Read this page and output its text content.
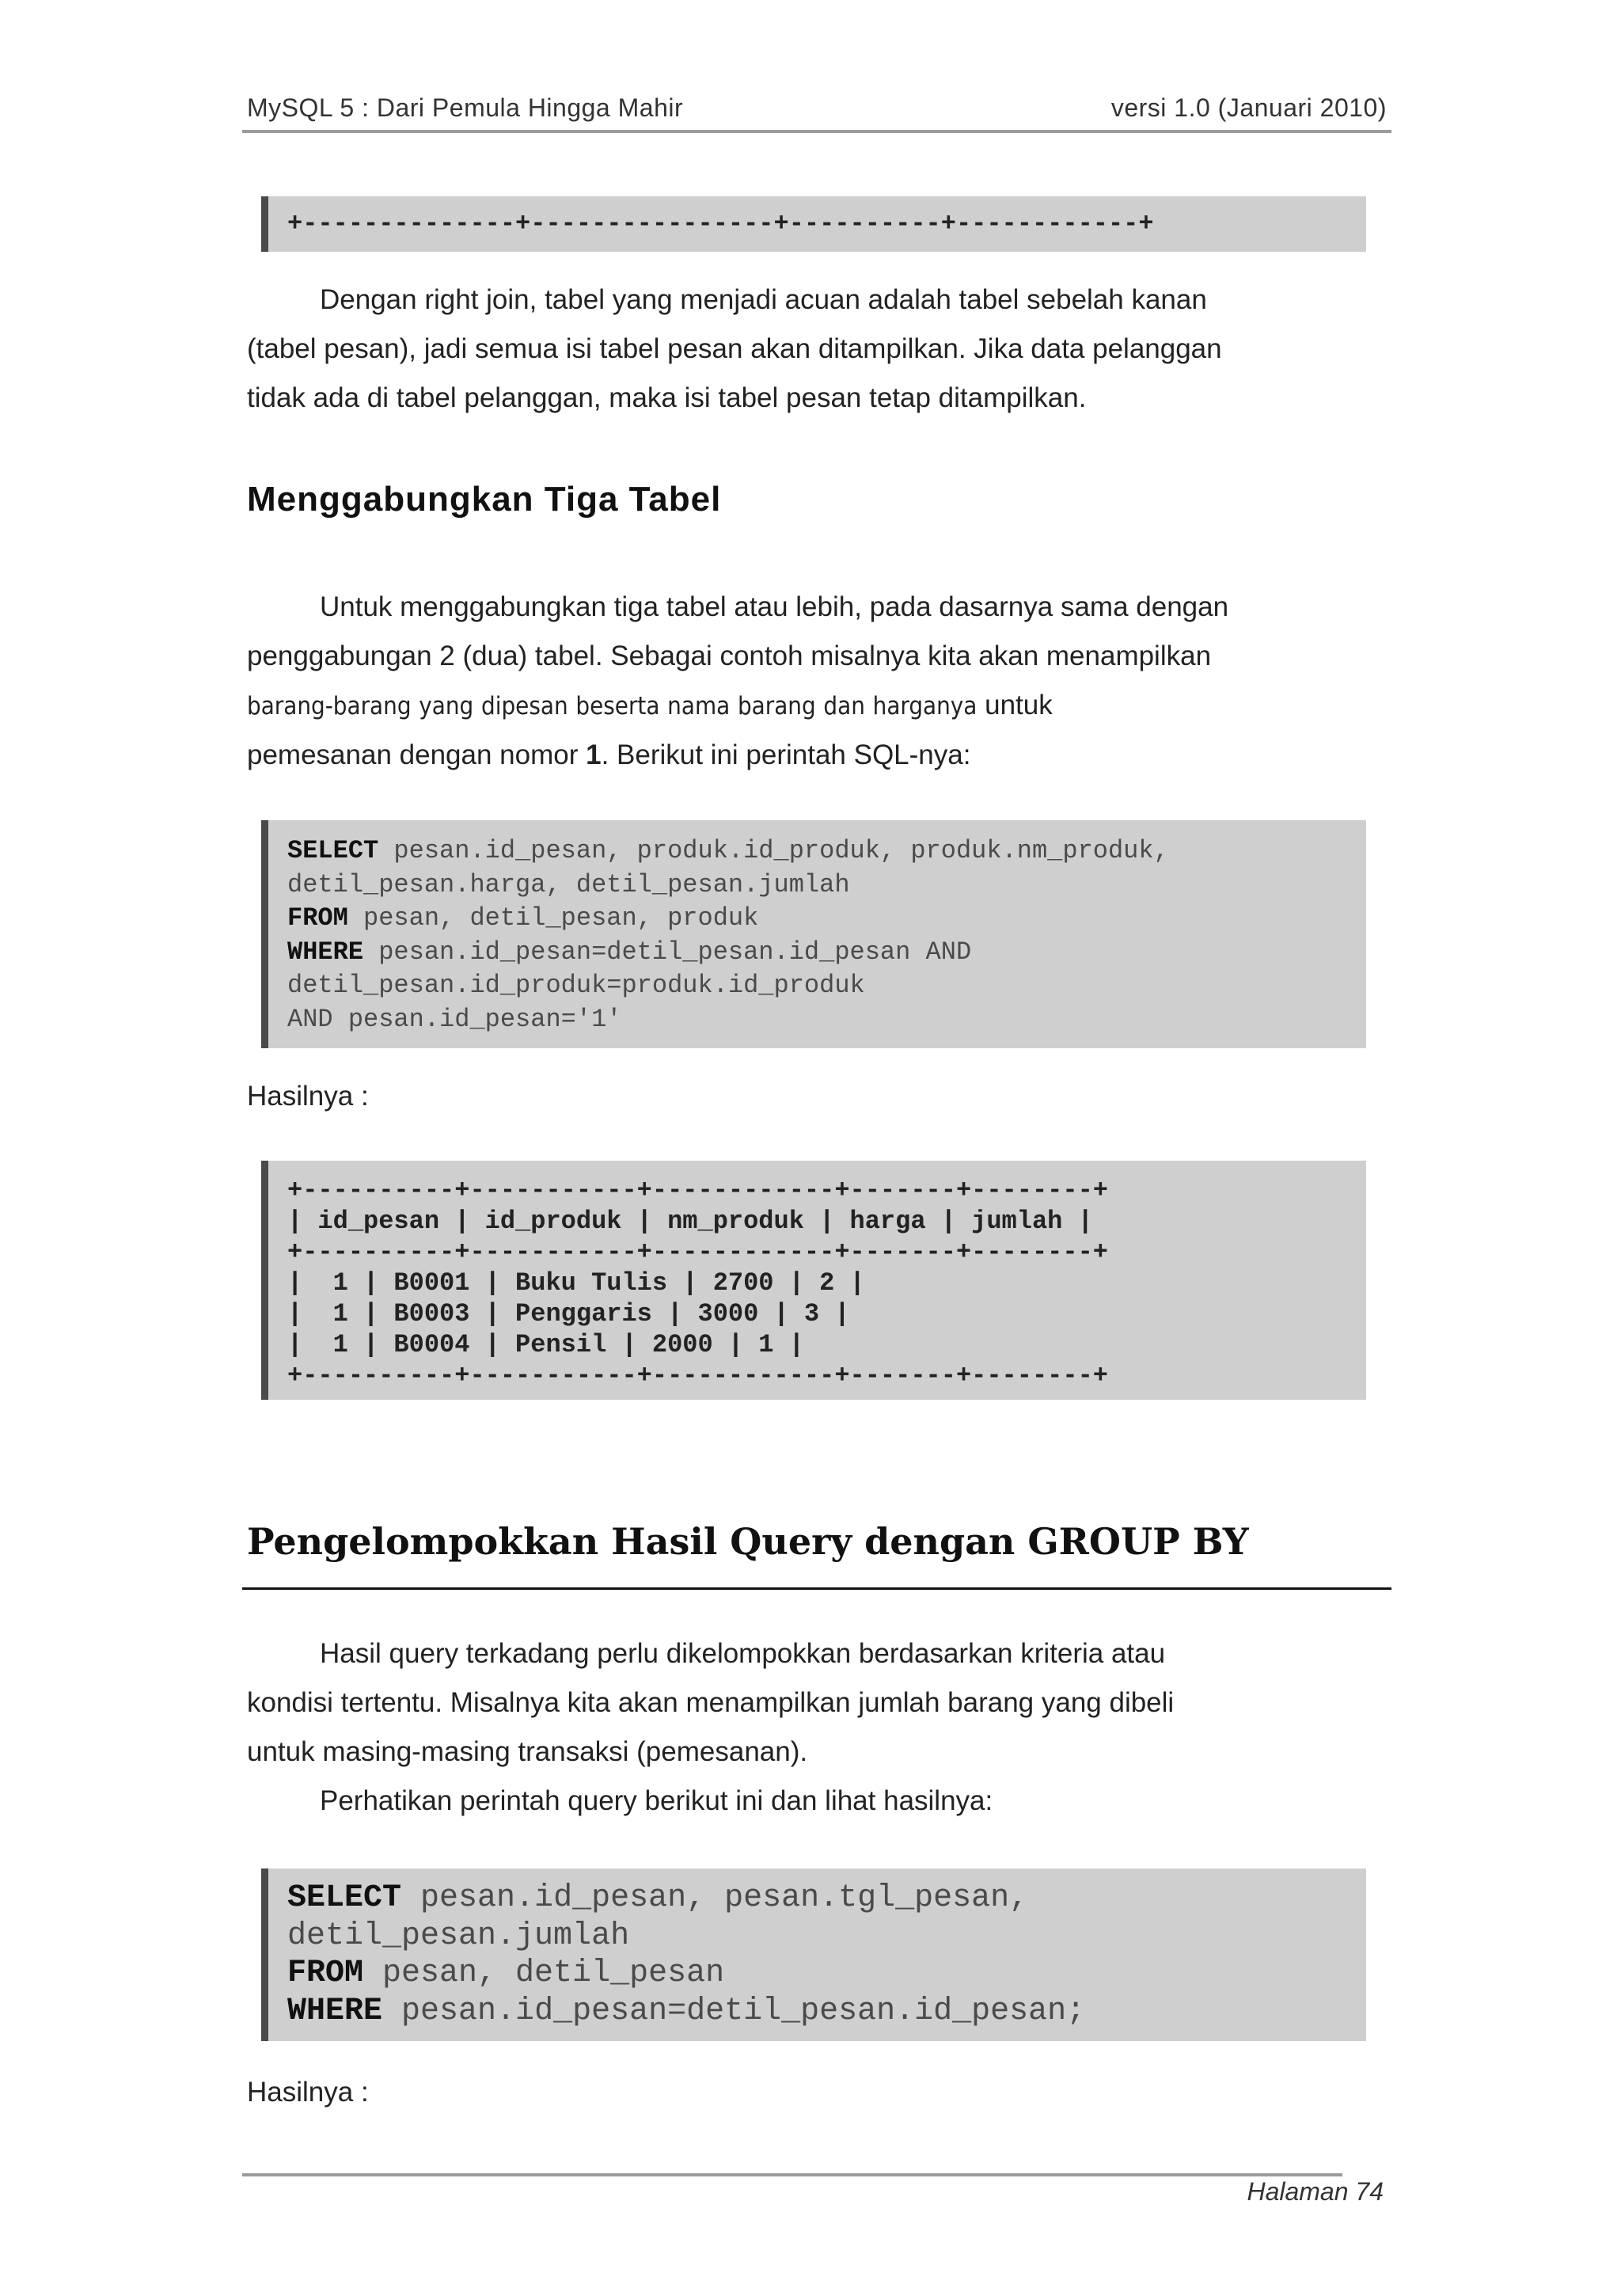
MySQL 5 : Dari Pemula Hingga Mahir	versi 1.0 (Januari 2010)
+--------------+----------------+----------+------------+
Dengan right join, tabel yang menjadi acuan adalah tabel sebelah kanan
(tabel pesan), jadi semua isi tabel pesan akan ditampilkan. Jika data pelanggan
tidak ada di tabel pelanggan, maka isi tabel pesan tetap ditampilkan.
Menggabungkan Tiga Tabel
Untuk menggabungkan tiga tabel atau lebih, pada dasarnya sama dengan
penggabungan 2 (dua) tabel. Sebagai contoh misalnya kita akan menampilkan
barang-barang yang dipesan beserta nama barang dan harganya untuk
pemesanan dengan nomor 1. Berikut ini perintah SQL-nya:
SELECT pesan.id_pesan, produk.id_produk, produk.nm_produk,
detil_pesan.harga, detil_pesan.jumlah
FROM pesan, detil_pesan, produk
WHERE pesan.id_pesan=detil_pesan.id_pesan AND
detil_pesan.id_produk=produk.id_produk
AND pesan.id_pesan='1'
Hasilnya :
+----------+-----------+------------+-------+--------+
| id_pesan | id_produk | nm_produk | harga | jumlah |
+----------+-----------+------------+-------+--------+
|  1 | B0001 | Buku Tulis | 2700 | 2 |
|  1 | B0003 | Penggaris | 3000 | 3 |
|  1 | B0004 | Pensil | 2000 | 1 |
+----------+-----------+------------+-------+--------+
Pengelompokkan Hasil Query dengan GROUP BY
Hasil query terkadang perlu dikelompokkan berdasarkan kriteria atau
kondisi tertentu. Misalnya kita akan menampilkan jumlah barang yang dibeli
untuk masing-masing transaksi (pemesanan).
Perhatikan perintah query berikut ini dan lihat hasilnya:
SELECT pesan.id_pesan, pesan.tgl_pesan,
detil_pesan.jumlah
FROM pesan, detil_pesan
WHERE pesan.id_pesan=detil_pesan.id_pesan;
Hasilnya :
Halaman 74
